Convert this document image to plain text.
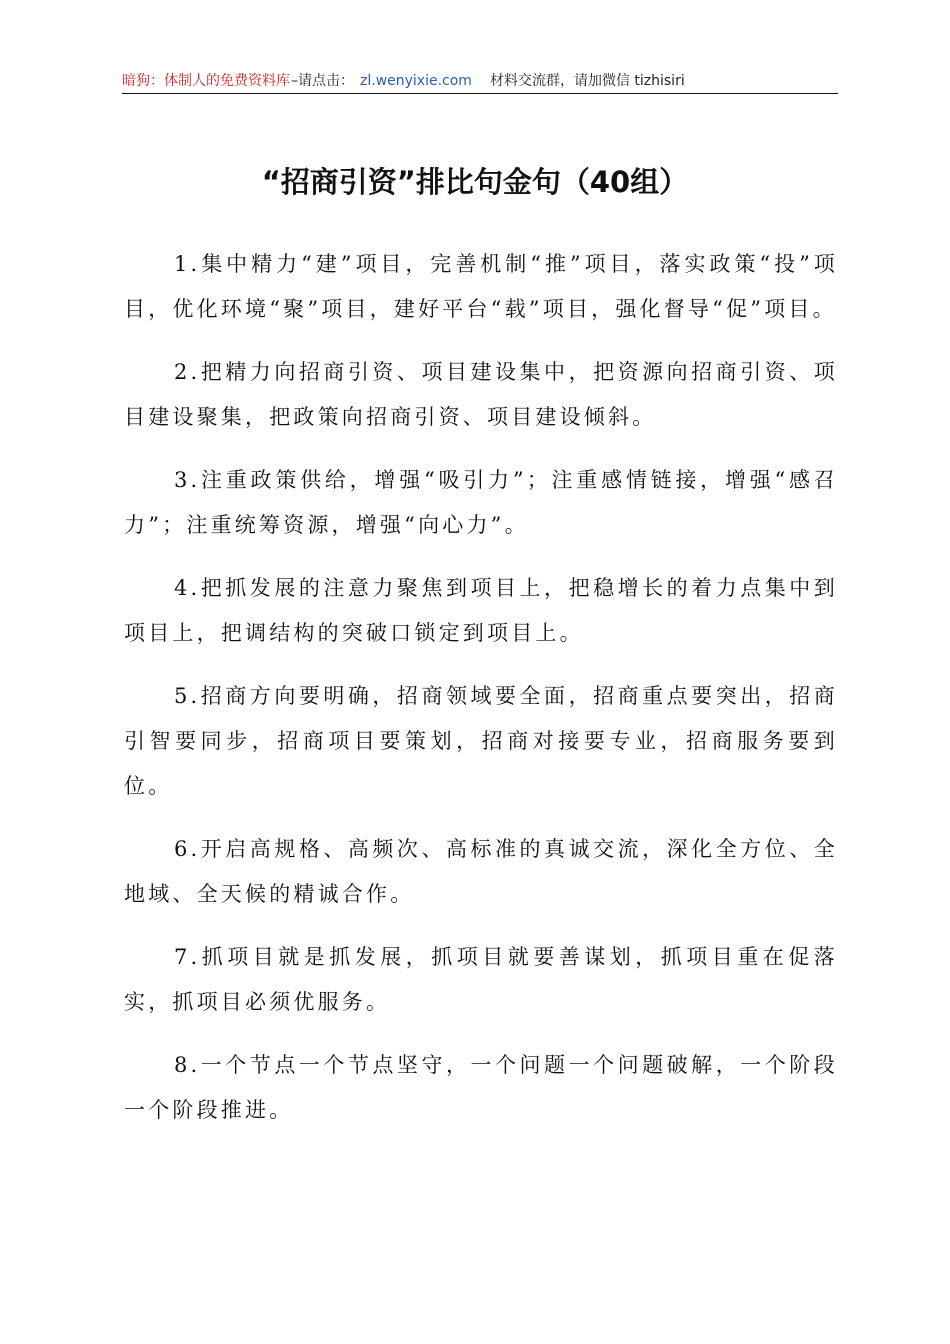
暗狗：体制人的免费资料库–请点击： zl.wenyixie.com 材料交流群，请加微信 tizhisiri
“招商引资”排比句金句（40组）

1.集中精力“建”项目，完善机制“推”项目，落实政策“投”项目，优化环境“聚”项目，建好平台“载”项目，强化督导“促”项目。

2.把精力向招商引资、项目建设集中，把资源向招商引资、项目建设聚集，把政策向招商引资、项目建设倾斜。

3.注重政策供给，增强“吸引力”；注重感情链接，增强“感召力”；注重统筹资源，增强“向心力”。

4.把抓发展的注意力聚焦到项目上，把稳增长的着力点集中到项目上，把调结构的突破口锁定到项目上。

5.招商方向要明确，招商领域要全面，招商重点要突出，招商引智要同步，招商项目要策划，招商对接要专业，招商服务要到位。

6.开启高规格、高频次、高标准的真诚交流，深化全方位、全地域、全天候的精诚合作。

7.抓项目就是抓发展，抓项目就要善谋划，抓项目重在促落实，抓项目必须优服务。

8.一个节点一个节点坚守，一个问题一个问题破解，一个阶段一个阶段推进。
